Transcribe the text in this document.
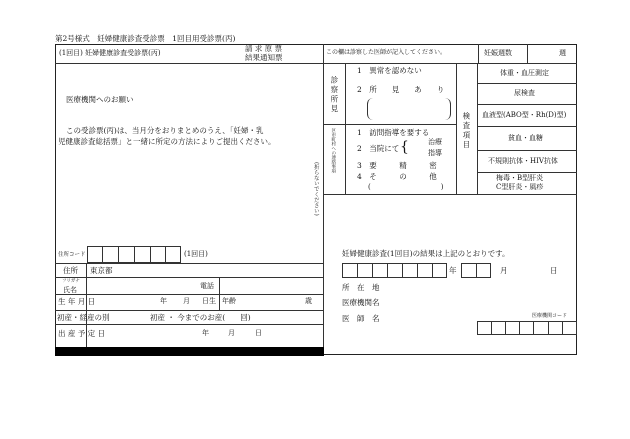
第2号様式　妊婦健康診査受診票　1回目用受診票(丙)
(1回目) 妊婦健康診査受診票(丙)	請 求 原 票
結果通知票
医療機関へのお願い
この受診票(丙)は、当月分をおりまとめのうえ、「妊婦・乳
児健康診査総括票」と一緒に所定の方法によりご提出ください。
(折らないでください)
住所コード	(1回目)
住所 東京都
フリガナ
氏名	電話
生 年 月 日	年 月 日生 年齢	歳
初産・経産の別	初産 ・ 今までのお産(　　回)
出 産 予 定 日	年	月	日
この欄は診察した医師が記入してください。	妊娠週数	週
診察所見
1　異常を認めない
2　所　　見　　あ　　り
区市町村への連絡事項	1　訪問指導を要する
2　当院にて {	治療
指導
3　要　　　精　　　密
4　そ　　　の　　　他
(　　　　　　　　　　)
検査項目
体重・血圧測定
尿検査
血液型(ABO型・Rh(D)型)
貧血・血糖
不規則抗体・HIV抗体
梅毒・B型肝炎
C型肝炎・風疹
妊婦健康診査(1回目)の結果は上記のとおりです。
年	月	日
所　在　地
医療機関名
医　師　名	医療機関コード
